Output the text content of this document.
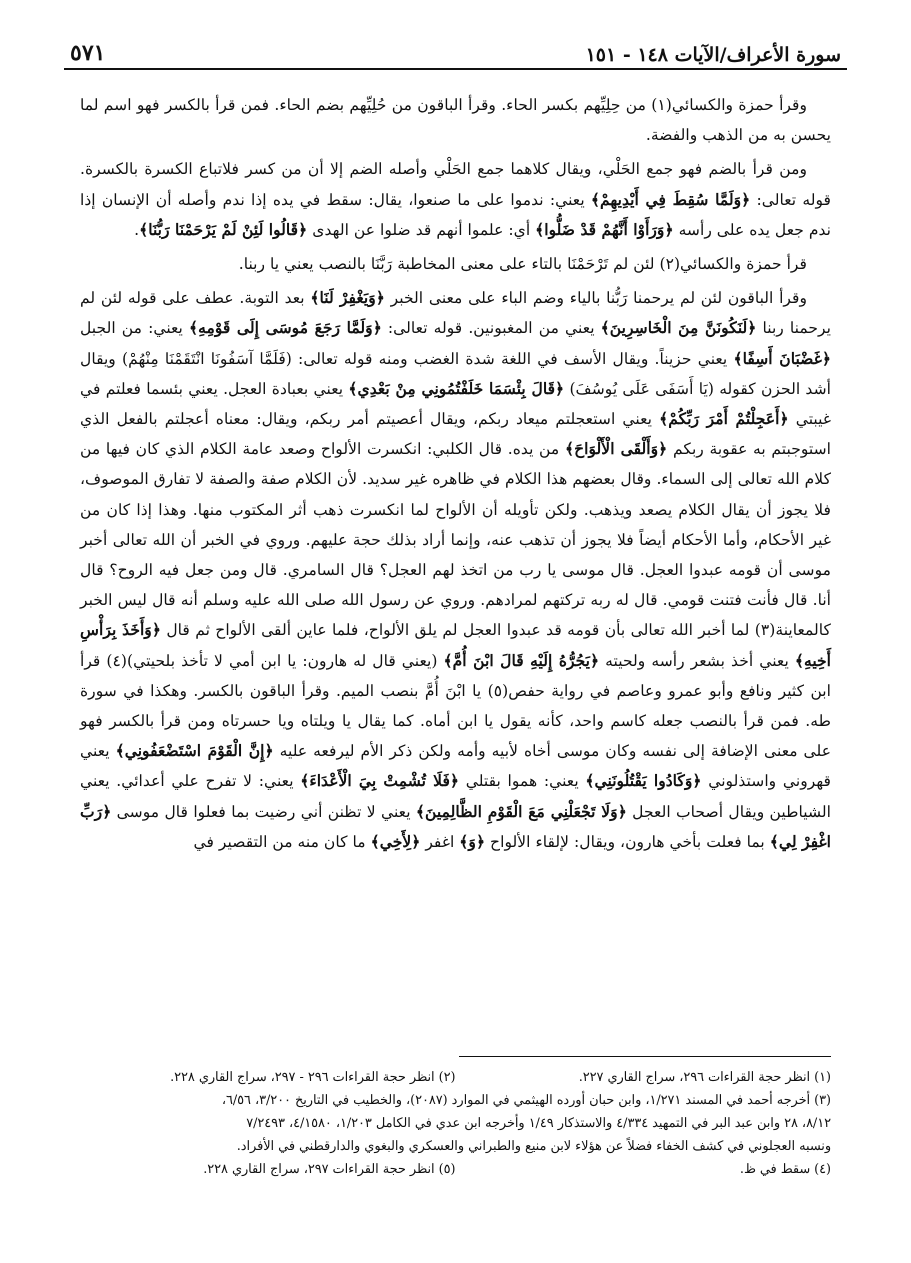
سورة الأعراف/الآيات ١٤٨ - ١٥١
٥٧١

وقرأ حمزة والكسائي(١) من حِلِيِّهم بكسر الحاء. وقرأ الباقون من حُلِيِّهم بضم الحاء. فمن قرأ بالكسر فهو اسم لما يحسن به من الذهب والفضة.

ومن قرأ بالضم فهو جمع الحَلْي، ويقال كلاهما جمع الحَلْي وأصله الضم إلا أن من كسر فلاتباع الكسرة بالكسرة. قوله تعالى: ﴿وَلَمَّا سُقِطَ فِي أَيْدِيهِمْ﴾ يعني: ندموا على ما صنعوا، يقال: سقط في يده إذا ندم وأصله أن الإنسان إذا ندم جعل يده على رأسه ﴿وَرَأَوْا أَنَّهُمْ قَدْ ضَلُّوا﴾ أي: علموا أنهم قد ضلوا عن الهدى ﴿قَالُوا لَئِنْ لَمْ يَرْحَمْنَا رَبُّنَا﴾.

قرأ حمزة والكسائي(٢) لئن لم تَرْحَمْنَا بالتاء على معنى المخاطبة رَبَّنَا بالنصب يعني يا ربنا.

وقرأ الباقون لئن لم يرحمنا رَبُّنا بالياء وضم الباء على معنى الخبر ﴿وَيَغْفِرْ لَنَا﴾ بعد التوبة. عطف على قوله لئن لم يرحمنا ربنا ﴿لَنَكُونَنَّ مِنَ الْخَاسِرِينَ﴾ يعني من المغبونين. قوله تعالى: ﴿وَلَمَّا رَجَعَ مُوسَى إِلَى قَوْمِهِ﴾ يعني: من الجبل ﴿غَضْبَانَ أَسِفًا﴾ يعني حزيناً. ويقال الأسف في اللغة شدة الغضب ومنه قوله تعالى: (فَلَمَّا آسَفُونَا انْتَقَمْنَا مِنْهُمْ) ويقال أشد الحزن كقوله (يَا أَسَفَى عَلَى يُوسُفَ) ﴿قَالَ بِئْسَمَا خَلَفْتُمُونِي مِنْ بَعْدِي﴾ يعني بعبادة العجل. يعني بئسما فعلتم في غيبتي ﴿أَعَجِلْتُمْ أَمْرَ رَبِّكُمْ﴾ يعني استعجلتم ميعاد ربكم، ويقال أعصيتم أمر ربكم، ويقال: معناه أعجلتم بالفعل الذي استوجبتم به عقوبة ربكم ﴿وَأَلْقَى الْأَلْوَاحَ﴾ من يده. قال الكلبي: انكسرت الألواح وصعد عامة الكلام الذي كان فيها من كلام الله تعالى إلى السماء. وقال بعضهم هذا الكلام في ظاهره غير سديد. لأن الكلام صفة والصفة لا تفارق الموصوف، فلا يجوز أن يقال الكلام يصعد ويذهب. ولكن تأويله أن الألواح لما انكسرت ذهب أثر المكتوب منها. وهذا إذا كان من غير الأحكام، وأما الأحكام أيضاً فلا يجوز أن تذهب عنه، وإنما أراد بذلك حجة عليهم. وروي في الخبر أن الله تعالى أخبر موسى أن قومه عبدوا العجل. قال موسى يا رب من اتخذ لهم العجل؟ قال السامري. قال ومن جعل فيه الروح؟ قال أنا. قال فأنت فتنت قومي. قال له ربه تركتهم لمرادهم. وروي عن رسول الله صلى الله عليه وسلم أنه قال ليس الخبر كالمعاينة(٣) لما أخبر الله تعالى بأن قومه قد عبدوا العجل لم يلق الألواح، فلما عاين ألقى الألواح ثم قال ﴿وَأَخَذَ بِرَأْسِ أَخِيهِ﴾ يعني أخذ بشعر رأسه ولحيته ﴿يَجُرُّهُ إِلَيْهِ قَالَ ابْنَ أُمَّ﴾ (يعني قال له هارون: يا ابن أمي لا تأخذ بلحيتي)(٤) قرأ ابن كثير ونافع وأبو عمرو وعاصم في رواية حفص(٥) يا ابْنَ أُمَّ بنصب الميم. وقرأ الباقون بالكسر. وهكذا في سورة طه. فمن قرأ بالنصب جعله كاسم واحد، كأنه يقول يا ابن أماه. كما يقال يا ويلتاه ويا حسرتاه ومن قرأ بالكسر فهو على معنى الإضافة إلى نفسه وكان موسى أخاه لأبيه وأمه ولكن ذكر الأم ليرفعه عليه ﴿إِنَّ الْقَوْمَ اسْتَضْعَفُونِي﴾ يعني قهروني واستذلوني ﴿وَكَادُوا يَقْتُلُونَنِي﴾ يعني: هموا بقتلي ﴿فَلَا تُشْمِتْ بِيَ الْأَعْدَاءَ﴾ يعني: لا تفرح علي أعدائي. يعني الشياطين ويقال أصحاب العجل ﴿وَلَا تَجْعَلْنِي مَعَ الْقَوْمِ الظَّالِمِينَ﴾ يعني لا تظنن أني رضيت بما فعلوا قال موسى ﴿رَبِّ اغْفِرْ لِي﴾ بما فعلت بأخي هارون، ويقال: لإلقاء الألواح ﴿وَ﴾ اغفر ﴿لِأَخِي﴾ ما كان منه من التقصير في

(١) انظر حجة القراءات ٢٩٦، سراج القاري ٢٢٧.
(٢) انظر حجة القراءات ٢٩٦ - ٢٩٧، سراج القاري ٢٢٨.
(٣) أخرجه أحمد في المسند ١/٢٧١، وابن حبان أورده الهيثمي في الموارد (٢٠٨٧)، والخطيب في التاريخ ٣/٢٠٠، ٦/٥٦،
٨/١٢، ٢٨ وابن عبد البر في التمهيد ٤/٣٣٤ والاستذكار ١/٤٩ وأخرجه ابن عدي في الكامل ١/٢٠٣، ٤/١٥٨٠، ٧/٢٤٩٣
ونسبه العجلوني في كشف الخفاء فضلاً عن هؤلاء لابن منيع والطبراني والعسكري والبغوي والدارقطني في الأفراد.
(٤) سقط في ظ.
(٥) انظر حجة القراءات ٢٩٧، سراج القاري ٢٢٨.
